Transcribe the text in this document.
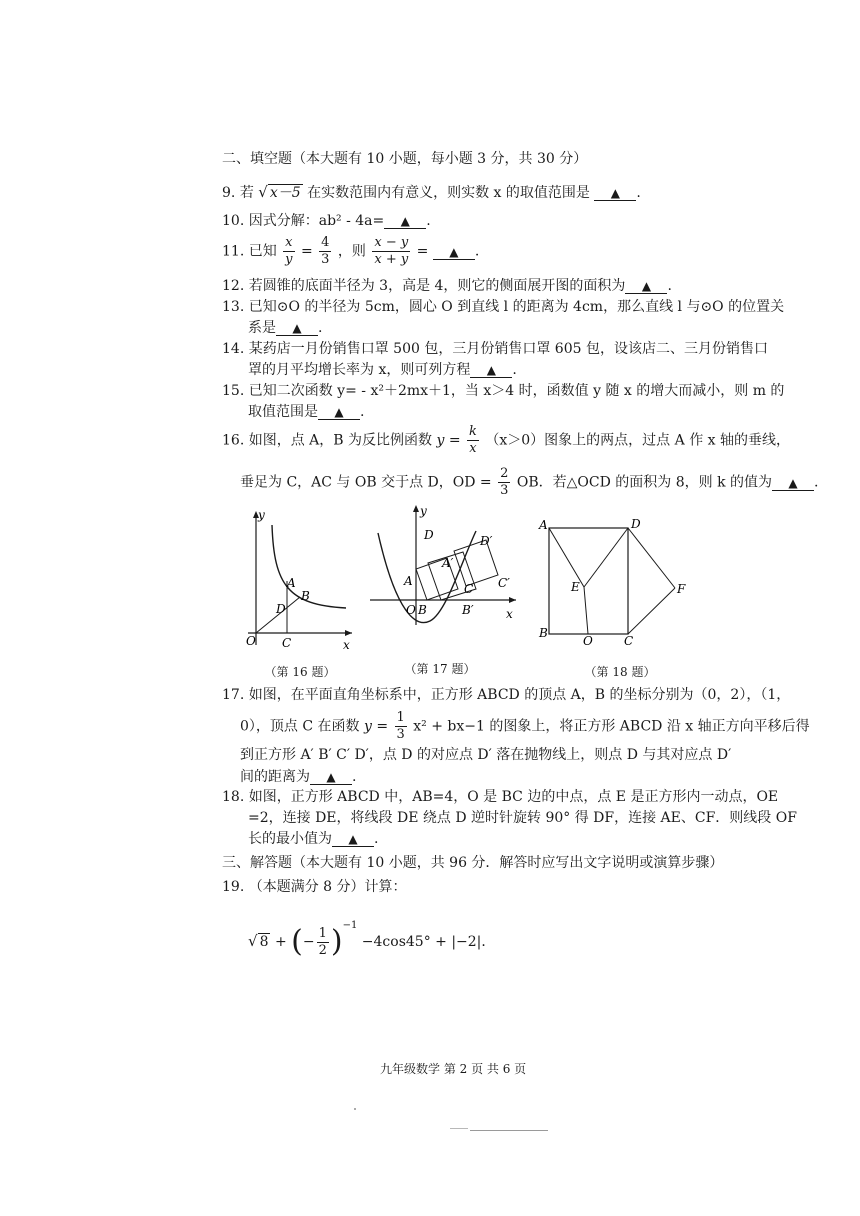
二、填空题（本大题有 10 小题，每小题 3 分，共 30 分）
9. 若 √ x－5 在实数范围内有意义，则实数 x 的取值范围是 ▲ .
10. 因式分解：ab² - 4a= ▲ .
11. 已知 $\frac{x}{y} = \frac{4}{3}$ ，则 $\frac{x - y}{x + y}$ = ▲ .
12. 若圆锥的底面半径为 3，高是 4，则它的侧面展开图的面积为 ▲ .
13. 已知⊙O 的半径为 5cm，圆心 O 到直线 l 的距离为 4cm，那么直线 l 与⊙O 的位置关
系是 ▲ .
14. 某药店一月份销售口罩 500 包，三月份销售口罩 605 包，设该店二、三月份销售口
罩的月平均增长率为 x，则可列方程 ▲ .
15. 已知二次函数 y= - x²＋2mx＋1，当 x＞4 时，函数值 y 随 x 的增大而减小，则 m 的
取值范围是 ▲ .
16. 如图，点 A，B 为反比例函数 $y = \frac{k}{x} (x>0)$图象上的两点，过点 A 作 x 轴的垂线，
垂足为 C，AC 与 OB 交于点 D，OD = $\frac{2}{3}$ OB．若△OCD 的面积为 8，则 k 的值为 ▲ .
y
x
O
A
B
D
C
（第 16 题）
y
x
O
A
B
D
A′
B′
C
D′
C′
（第 17 题）
A	D
E	F
B
O	C
（第 18 题）
17. 如图，在平面直角坐标系中，正方形 ABCD 的顶点 A，B 的坐标分别为（0，2），（1，
0），顶点 C 在函数 $y = \frac{1}{3} x^2 + bx-1$ 的图象上，将正方形 ABCD 沿 x 轴正方向平移后得
到正方形 A′ B′ C′ D′，点 D 的对应点 D′ 落在抛物线上，则点 D 与其对应点 D′
间的距离为 ▲ .
18. 如图，正方形 ABCD 中，AB=4，O 是 BC 边的中点，点 E 是正方形内一动点，OE
=2，连接 DE，将线段 DE 绕点 D 逆时针旋转 90° 得 DF，连接 AE、CF．则线段 OF
长的最小值为 ▲ .
三、解答题（本大题有 10 小题，共 96 分．解答时应写出文字说明或演算步骤）
19. （本题满分 8 分）计算：
√ 8 + (− $\frac{1}{2} )^{-1} -4\cos 45^\circ + |-2|$．
九年级数学 第 2 页 共 6 页
